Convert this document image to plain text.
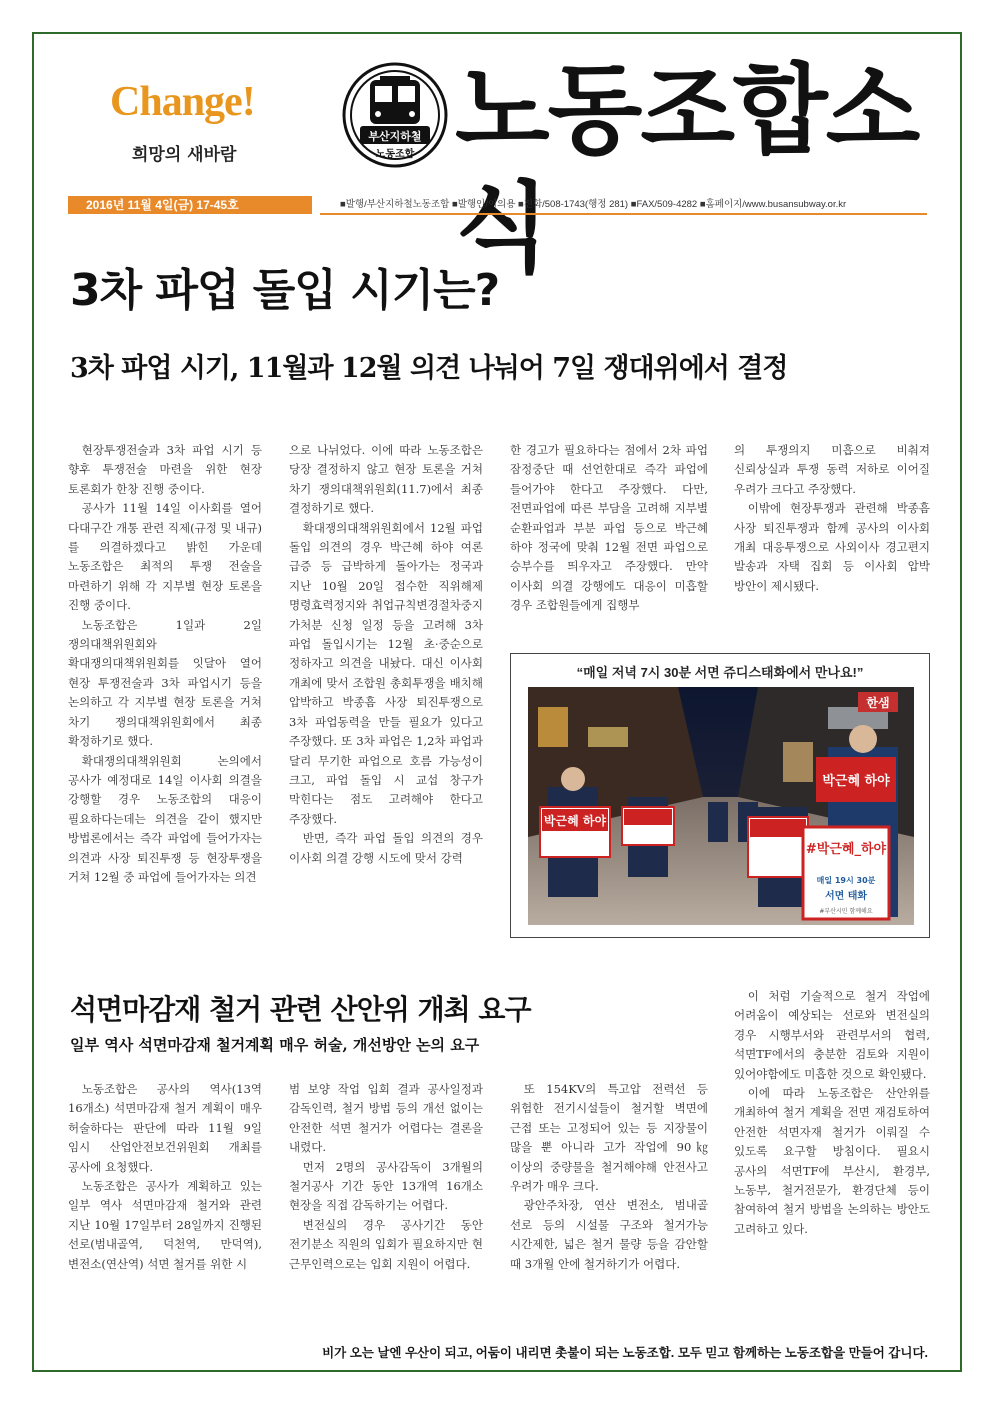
Change!
희망의 새바람
부산지하철
노동조합 노동조합소식
2016년 11월 4일(금) 17-45호	■발행/부산지하철노동조합 ■발행인/이의용 ■전화/508-1743(행정 281) ■FAX/509-4282 ■홈페이지/www.busansubway.or.kr
3차 파업 돌입 시기는?
3차 파업 시기, 11월과 12월 의견 나눠어 7일 쟁대위에서 결정

현장투쟁전술과 3차 파업 시기 등 향후 투쟁전술 마련을 위한 현장 토론회가 한창 진행 중이다.

공사가 11월 14일 이사회를 열어 다대구간 개통 관련 직제(규정 및 내규)를 의결하겠다고 밝힌 가운데 노동조합은 최적의 투쟁 전술을 마련하기 위해 각 지부별 현장 토론을 진행 중이다.

노동조합은 1일과 2일 쟁의대책위원회와 확대쟁의대책위원회를 잇달아 열어 현장 투쟁전술과 3차 파업시기 등을 논의하고 각 지부별 현장 토론을 거쳐 차기 쟁의대책위원회에서 최종 확정하기로 했다.

확대쟁의대책위원회 논의에서 공사가 예정대로 14일 이사회 의결을 강행할 경우 노동조합의 대응이 필요하다는데는 의견을 같이 했지만 방법론에서는 즉각 파업에 들어가자는 의견과 사장 퇴진투쟁 등 현장투쟁을 거쳐 12월 중 파업에 들어가자는 의견

으로 나뉘었다. 이에 따라 노동조합은 당장 결정하지 않고 현장 토론을 거쳐 차기 쟁의대책위원회(11.7)에서 최종 결정하기로 했다.

확대쟁의대책위원회에서 12월 파업 돌입 의견의 경우 박근혜 하야 여론 급증 등 급박하게 돌아가는 정국과 지난 10월 20일 접수한 직위해제 명령효력정지와 취업규칙변경절차중지 가처분 신청 일정 등을 고려해 3차 파업 돌입시기는 12월 초·중순으로 정하자고 의견을 내놨다. 대신 이사회 개최에 맞서 조합원 총회투쟁을 배치해 압박하고 박종흠 사장 퇴진투쟁으로 3차 파업동력을 만들 필요가 있다고 주장했다. 또 3차 파업은 1,2차 파업과 달리 무기한 파업으로 호름 가능성이 크고, 파업 돌입 시 교섭 창구가 막힌다는 점도 고려해야 한다고 주장했다.

반면, 즉각 파업 돌입 의견의 경우 이사회 의결 강행 시도에 맞서 강력

한 경고가 필요하다는 점에서 2차 파업 잠정중단 때 선언한대로 즉각 파업에 들어가야 한다고 주장했다. 다만, 전면파업에 따른 부담을 고려해 지부별 순환파업과 부분 파업 등으로 박근혜 하야 정국에 맞춰 12월 전면 파업으로 승부수를 띄우자고 주장했다. 만약 이사회 의결 강행에도 대응이 미흡할 경우 조합원들에게 집행부

의 투쟁의지 미흡으로 비춰져 신뢰상실과 투쟁 동력 저하로 이어질 우려가 크다고 주장했다.

이밖에 현장투쟁과 관련해 박종흠 사장 퇴진투쟁과 함께 공사의 이사회 개최 대응투쟁으로 사외이사 경고편지 발송과 자택 집회 등 이사회 압박 방안이 제시됐다.

“매일 저녁 7시 30분 서면 쥬디스태화에서 만나요!”
한샘
박근혜 하야
박근혜 하야
#박근혜_하야
매일 19시 30분
서면 태화
#부산시민 함께해요
석면마감재 철거 관련 산안위 개최 요구
일부 역사 석면마감재 철거계획 매우 허술, 개선방안 논의 요구

노동조합은 공사의 역사(13역 16개소) 석면마감재 철거 계획이 매우 허술하다는 판단에 따라 11월 9일 임시 산업안전보건위원회 개최를 공사에 요청했다.

노동조합은 공사가 계획하고 있는 일부 역사 석면마감재 철거와 관련 지난 10월 17일부터 28일까지 진행된 선로(범내골역, 덕천역, 만덕역), 변전소(연산역) 석면 철거를 위한 시

범 보양 작업 입회 결과 공사일정과 감독인력, 철거 방법 등의 개선 없이는 안전한 석면 철거가 어렵다는 결론을 내렸다.

먼저 2명의 공사감독이 3개월의 철거공사 기간 동안 13개역 16개소 현장을 직접 감독하기는 어렵다.

변전실의 경우 공사기간 동안 전기분소 직원의 입회가 필요하지만 현 근무인력으로는 입회 지원이 어렵다.

또 154KV의 특고압 전력선 등 위험한 전기시설들이 철거할 벽면에 근접 또는 고정되어 있는 등 지장물이 많을 뿐 아니라 고가 작업에 90㎏ 이상의 중량물을 철거해야해 안전사고 우려가 매우 크다.

광안주차장, 연산 변전소, 범내골 선로 등의 시설물 구조와 철거가능 시간제한, 넓은 철거 물량 등을 감안할 때 3개월 안에 철거하기가 어렵다.

이 처럼 기술적으로 철거 작업에 어려움이 예상되는 선로와 변전실의 경우 시행부서와 관련부서의 협력, 석면TF에서의 충분한 검토와 지원이 있어야함에도 미흡한 것으로 확인됐다.

이에 따라 노동조합은 산안위를 개최하여 철거 계획을 전면 재검토하여 안전한 석면자재 철거가 이뤄질 수 있도록 요구할 방침이다. 필요시 공사의 석면TF에 부산시, 환경부, 노동부, 철거전문가, 환경단체 등이 참여하여 철거 방법을 논의하는 방안도 고려하고 있다.

비가 오는 날엔 우산이 되고, 어둠이 내리면 촛불이 되는 노동조합. 모두 믿고 함께하는 노동조합을 만들어 갑니다.
